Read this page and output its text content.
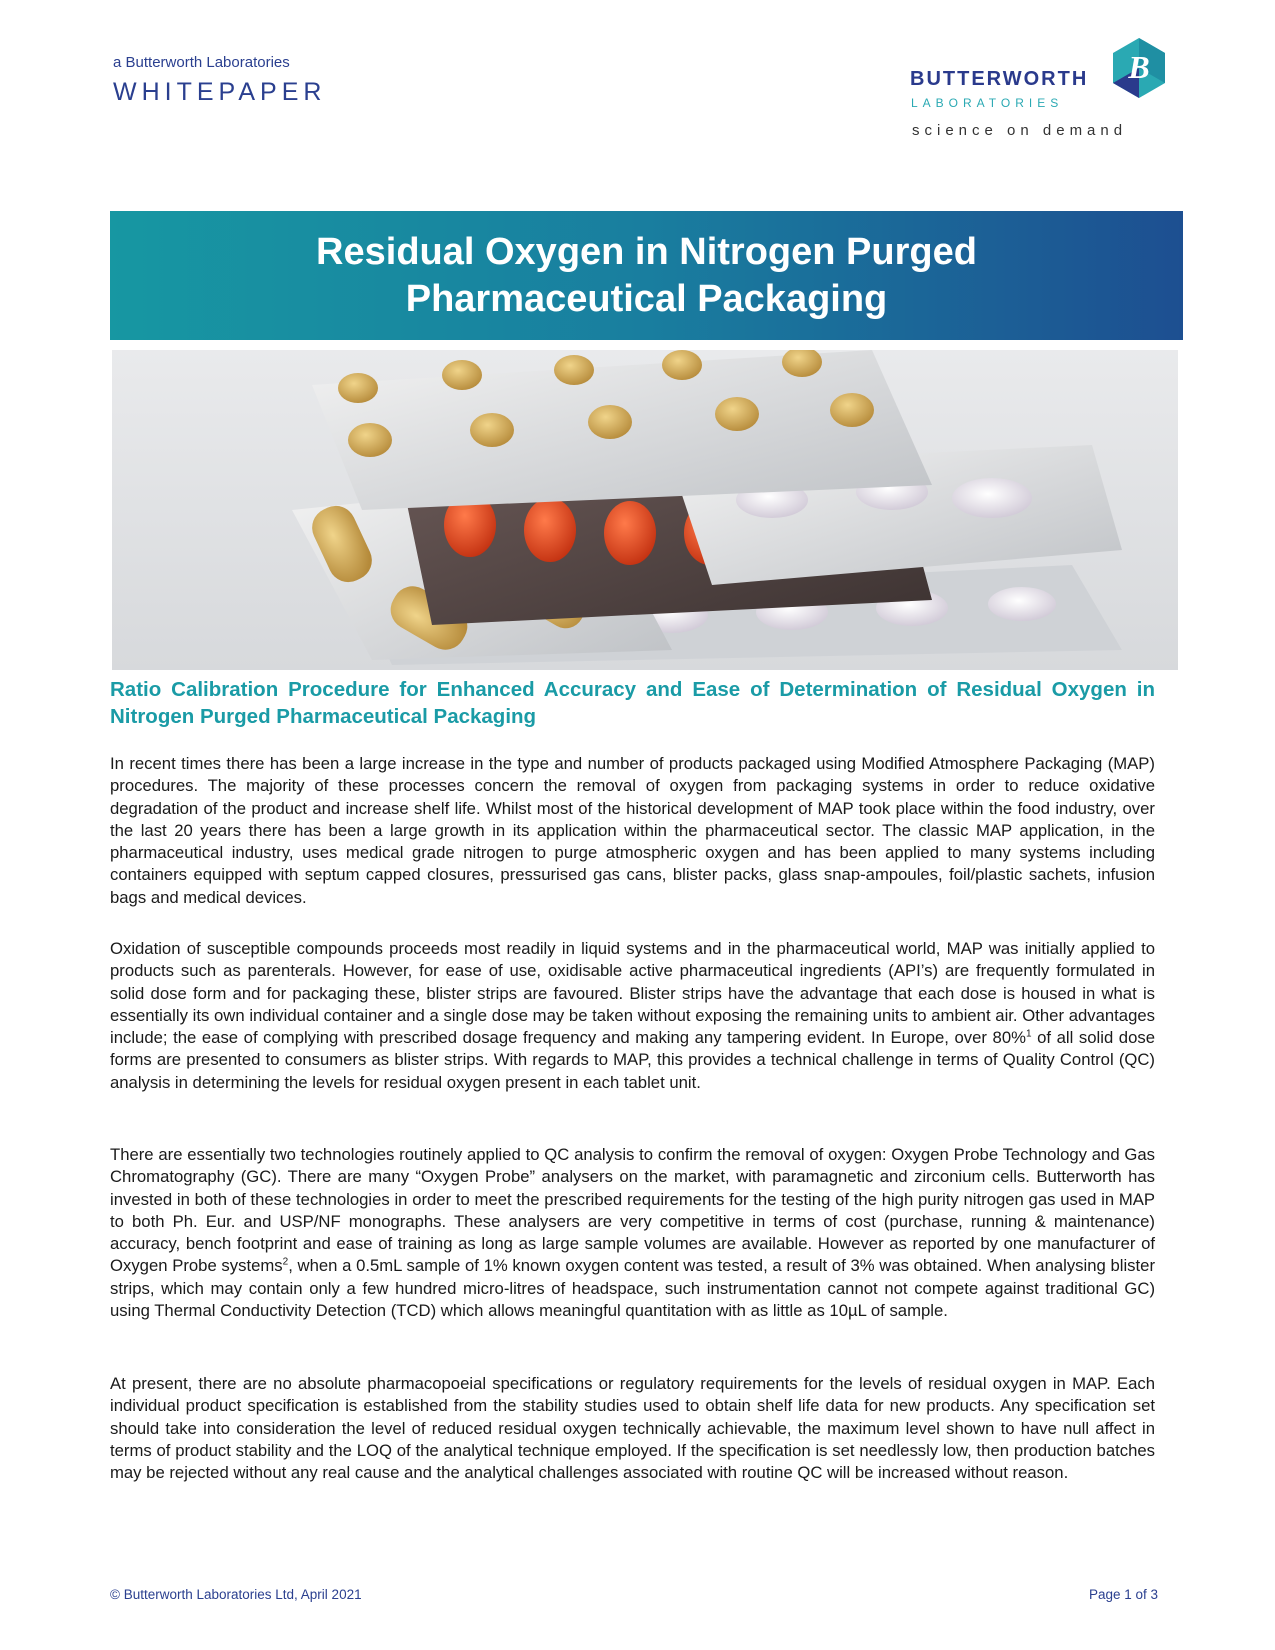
a Butterworth Laboratories
WHITEPAPER
B
BUTTERWORTH
LABORATORIES
science on demand
Residual Oxygen in Nitrogen Purged
Pharmaceutical Packaging
Ratio Calibration Procedure for Enhanced Accuracy and Ease of Determination of Residual Oxygen in Nitrogen Purged Pharmaceutical Packaging

In recent times there has been a large increase in the type and number of products packaged using Modified Atmosphere Packaging (MAP) procedures. The majority of these processes concern the removal of oxygen from packaging systems in order to reduce oxidative degradation of the product and increase shelf life. Whilst most of the historical development of MAP took place within the food industry, over the last 20 years there has been a large growth in its application within the pharmaceutical sector. The classic MAP application, in the pharmaceutical industry, uses medical grade nitrogen to purge atmospheric oxygen and has been applied to many systems including containers equipped with septum capped closures, pressurised gas cans, blister packs, glass snap-ampoules, foil/plastic sachets, infusion bags and medical devices.

Oxidation of susceptible compounds proceeds most readily in liquid systems and in the pharmaceutical world, MAP was initially applied to products such as parenterals. However, for ease of use, oxidisable active pharmaceutical ingredients (API’s) are frequently formulated in solid dose form and for packaging these, blister strips are favoured. Blister strips have the advantage that each dose is housed in what is essentially its own individual container and a single dose may be taken without exposing the remaining units to ambient air. Other advantages include; the ease of complying with prescribed dosage frequency and making any tampering evident. In Europe, over 80%$^1$ of all solid dose forms are presented to consumers as blister strips. With regards to MAP, this provides a technical challenge in terms of Quality Control (QC) analysis in determining the levels for residual oxygen present in each tablet unit.

There are essentially two technologies routinely applied to QC analysis to confirm the removal of oxygen: Oxygen Probe Technology and Gas Chromatography (GC). There are many “Oxygen Probe” analysers on the market, with paramagnetic and zirconium cells. Butterworth has invested in both of these technologies in order to meet the prescribed requirements for the testing of the high purity nitrogen gas used in MAP to both Ph. Eur. and USP/NF monographs. These analysers are very competitive in terms of cost (purchase, running & maintenance) accuracy, bench footprint and ease of training as long as large sample volumes are available. However as reported by one manufacturer of Oxygen Probe systems$^2$, when a 0.5mL sample of 1% known oxygen content was tested, a result of 3% was obtained. When analysing blister strips, which may contain only a few hundred micro-litres of headspace, such instrumentation cannot not compete against traditional GC) using Thermal Conductivity Detection (TCD) which allows meaningful quantitation with as little as 10µL of sample.

At present, there are no absolute pharmacopoeial specifications or regulatory requirements for the levels of residual oxygen in MAP. Each individual product specification is established from the stability studies used to obtain shelf life data for new products. Any specification set should take into consideration the level of reduced residual oxygen technically achievable, the maximum level shown to have null affect in terms of product stability and the LOQ of the analytical technique employed. If the specification is set needlessly low, then production batches may be rejected without any real cause and the analytical challenges associated with routine QC will be increased without reason.

© Butterworth Laboratories Ltd, April 2021	Page 1 of 3
